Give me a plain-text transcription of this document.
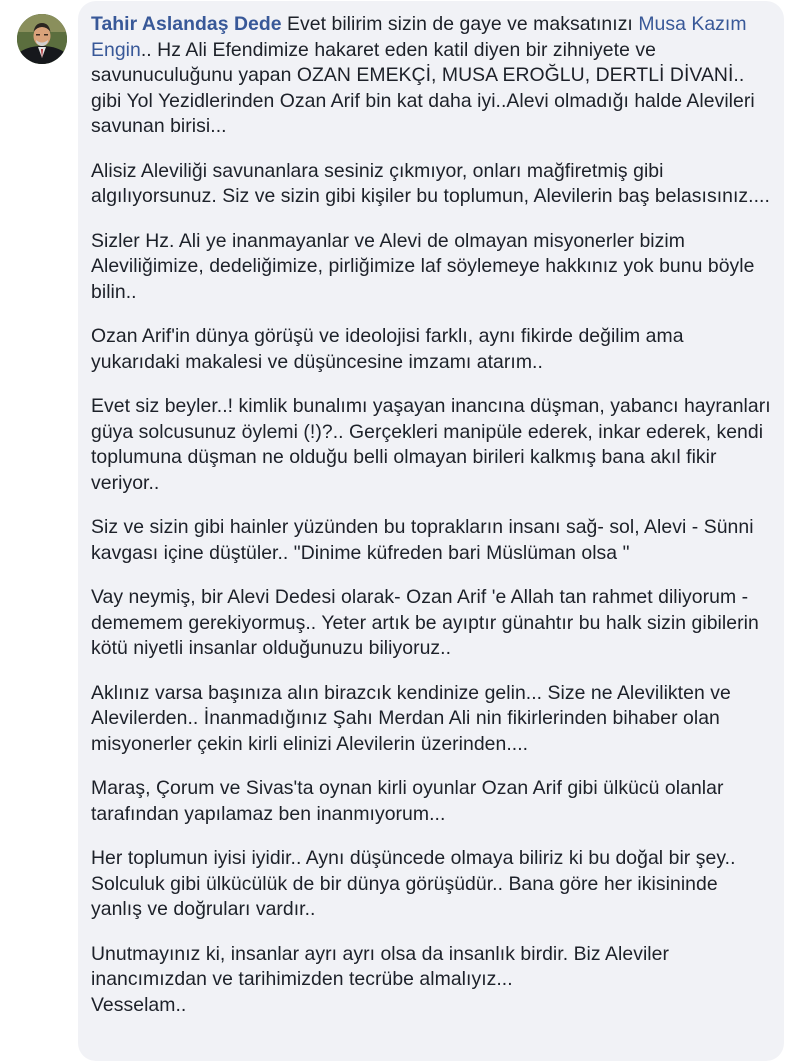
Tahir Aslandaş Dede Evet bilirim sizin de gaye ve maksatınızı Musa Kazım Engin.. Hz Ali Efendimize hakaret eden katil diyen bir zihniyete ve savunuculuğunu yapan OZAN EMEKÇİ, MUSA EROĞLU, DERTLİ DİVANİ.. gibi Yol Yezidlerinden Ozan Arif bin kat daha iyi..Alevi olmadığı halde Alevileri savunan birisi...

Alisiz Aleviliği savunanlara sesiniz çıkmıyor, onları mağfiretmiş gibi algılıyorsunuz. Siz ve sizin gibi kişiler bu toplumun, Alevilerin baş belasısınız....

Sizler Hz. Ali ye inanmayanlar ve Alevi de olmayan misyonerler bizim Aleviliğimize, dedeliğimize, pirliğimize laf söylemeye hakkınız yok bunu böyle bilin..

Ozan Arif'in dünya görüşü ve ideolojisi farklı, aynı fikirde değilim ama yukarıdaki makalesi ve düşüncesine imzamı atarım..

Evet siz beyler..! kimlik bunalımı yaşayan inancına düşman, yabancı hayranları güya solcusunuz öylemi (!)?.. Gerçekleri manipüle ederek, inkar ederek, kendi toplumuna düşman ne olduğu belli olmayan birileri kalkmış bana akıl fikir veriyor..

Siz ve sizin gibi hainler yüzünden bu toprakların insanı sağ- sol, Alevi - Sünni kavgası içine düştüler.. "Dinime küfreden bari Müslüman olsa "

Vay neymiş, bir Alevi Dedesi olarak- Ozan Arif 'e Allah tan rahmet diliyorum - dememem gerekiyormuş.. Yeter artık be ayıptır günahtır bu halk sizin gibilerin kötü niyetli insanlar olduğunuzu biliyoruz..

Aklınız varsa başınıza alın birazcık kendinize gelin... Size ne Alevilikten ve Alevilerden.. İnanmadığınız Şahı Merdan Ali nin fikirlerinden bihaber olan misyonerler çekin kirli elinizi Alevilerin üzerinden....

Maraş, Çorum ve Sivas'ta oynan kirli oyunlar Ozan Arif gibi ülkücü olanlar tarafından yapılamaz ben inanmıyorum...

Her toplumun iyisi iyidir.. Aynı düşüncede olmaya biliriz ki bu doğal bir şey.. Solculuk gibi ülkücülük de bir dünya görüşüdür.. Bana göre her ikisininde yanlış ve doğruları vardır..

Unutmayınız ki, insanlar ayrı ayrı olsa da insanlık birdir. Biz Aleviler inancımızdan ve tarihimizden tecrübe almalıyız...
Vesselam..
